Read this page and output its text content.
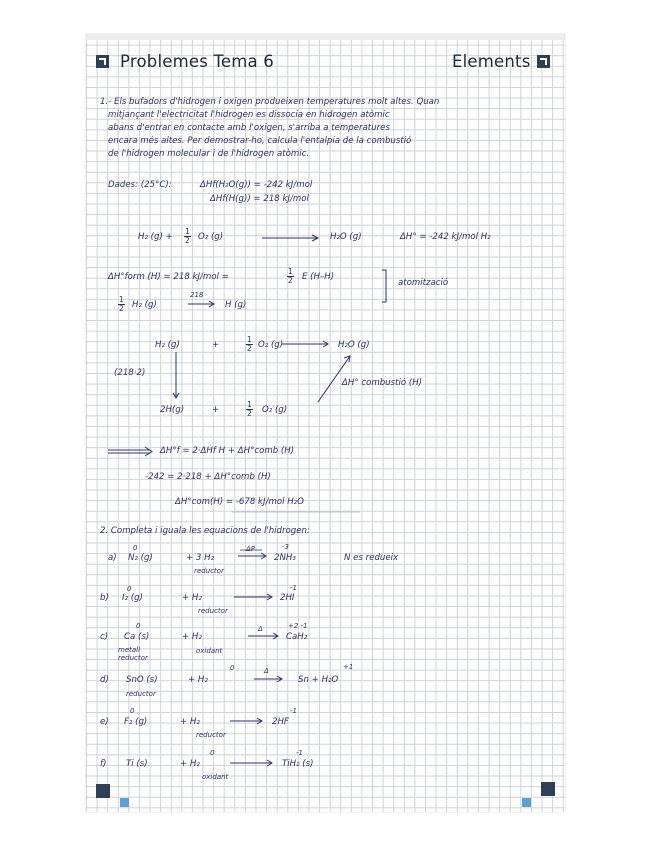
Problemes Tema 6	Elements
1.- Els bufadors d'hidrogen i oxigen produeixen temperatures molt altes. Quan
mitjançant l'electricitat l'hidrogen es dissocia en hidrogen atòmic
abans d'entrar en contacte amb l'oxigen, s'arriba a temperatures
encara més altes. Per demostrar-ho, calcula l'entalpia de la combustió
de l'hidrogen molecular i de l'hidrogen atòmic.
Dades: (25°C):	ΔHf(H₂O(g)) = -242 kJ/mol
ΔHf(H(g)) = 218 kJ/mol
H₂ $(g) + \frac{1}{2} O_2$ (g)	H₂O (g)	ΔH° = -242 kJ/mol H₂
ΔH°form (H) = 218 kJ/mol =	$\frac{1}{2}$ E (H–H)
atomització
$\frac{1}{2} H_2$ (g)
218
H (g)
H₂ (g)	+	$\frac{1}{2} O_2$ (g)	H₂O (g)
(218·2)
ΔH° combustió (H)
2H(g)	+	$\frac{1}{2} O_2$ (g)
ΔH°f = 2·ΔHf H + ΔH°comb (H)
-242 = 2·218 + ΔH°comb (H)
ΔH°com(H) = -678 kJ/mol H₂O
2. Completa i iguala les equacions de l'hidrogen:
0
a) N₂ (g)	+ 3 H₂
ΔP	-3
2NH₃	N es redueix
reductor
0
b) I₂ (g)	+ H₂
-1
2HI
reductor
0
c) Ca (s)	+ H₂
Δ	+2 -1
CaH₂
metall reductor
oxidant
0
d) SnO (s)	+ H₂
Δ	+1
Sn + H₂O
reductor
0
e) F₂ (g)	+ H₂
-1
2HF
reductor
0
f) Ti (s)	+ H₂
-1
TiH₂ (s)
oxidant
